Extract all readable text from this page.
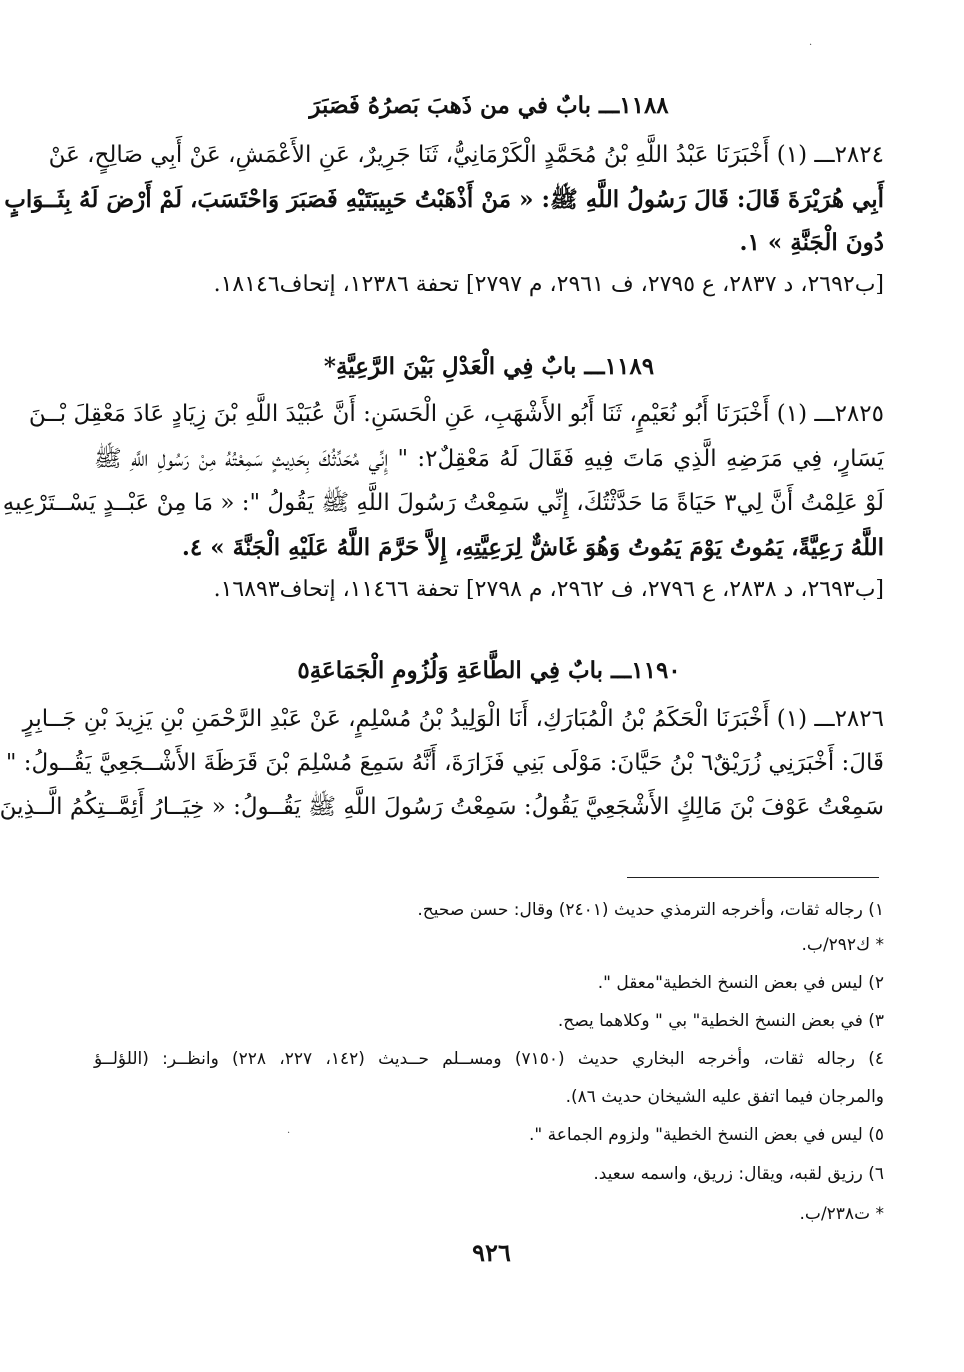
١١٨٨ـــ بابٌ في من ذَهبَ بَصرُهُ فَصَبَرَ
٢٨٢٤ـــ (١) أَخْبَرَنَا عَبْدُ اللَّهِ بْنُ مُحَمَّدٍ الْكَرْمَانِيُّ، ثَنَا جَرِيرٌ، عَنِ الأَعْمَشِ، عَنْ أَبِي صَالِحٍ، عَنْ
أَبِي هُرَيْرَةَ قَالَ: قَالَ رَسُولُ اللَّهِ ﷺ: « مَنْ أَذْهَبْتُ حَبِيبَتَيْهِ فَصَبَرَ وَاحْتَسَبَ، لَمْ أَرْضَ لَهُ بِثَــوَابٍ
دُونَ الْجَنَّةِ » ١.
[ب٢٦٩٢، د ٢٨٣٧، ع ٢٧٩٥، ف ٢٩٦١، م ٢٧٩٧] تحفة ١٢٣٨٦، إتحاف١٨١٤٦.
١١٨٩ـــ بابٌ فِي الْعَدْلِ بَيْنَ الرَّعِيَّةِ*
٢٨٢٥ـــ (١) أَخْبَرَنَا أَبُو نُعَيْمٍ، ثَنَا أَبُو الأَشْهَبِ، عَنِ الْحَسَنِ: أَنَّ عُبَيْدَ اللَّهِ بْنَ زِيَادٍ عَادَ مَعْقِلَ بْــنَ
يَسَارٍ، فِي مَرَضِهِ الَّذِي مَاتَ فِيهِ فَقَالَ لَهُ مَعْقِلٌ٢: " إِنِّي مُحَدِّثُكَ بِحَدِيثٍ سَمِعْتُهُ مِنْ رَسُولِ اللَّهِ ﷺ
لَوْ عَلِمْتُ أَنَّ لِي٣ حَيَاةً مَا حَدَّثْتُكَ، إِنِّي سَمِعْتُ رَسُولَ اللَّهِ ﷺ يَقُولُ ": « مَا مِنْ عَبْــدٍ يَسْــتَرْعِيهِ
اللَّهُ رَعِيَّةً، يَمُوتُ يَوْمَ يَمُوتُ وَهُوَ غَاشٌّ لِرَعِيَّتِهِ، إِلاَّ حَرَّمَ اللَّهُ عَلَيْهِ الْجَنَّةَ » ٤.
[ب٢٦٩٣، د ٢٨٣٨، ع ٢٧٩٦، ف ٢٩٦٢، م ٢٧٩٨] تحفة ١١٤٦٦، إتحاف١٦٨٩٣.
١١٩٠ـــ بابٌ فِي الطَّاعَةِ وَلُزُومِ الْجَمَاعَةِ٥
٢٨٢٦ـــ (١) أَخْبَرَنَا الْحَكَمُ بْنُ الْمُبَارَكِ، أَنَا الْوَلِيدُ بْنُ مُسْلِمٍ، عَنْ عَبْدِ الرَّحْمَنِ بْنِ يَزِيدَ بْنِ جَــابِرٍ
قَالَ: أَخْبَرَنِي زُرَيْقٌ٦ بْنُ حَيَّانَ: مَوْلَى بَنِي فَزَارَةَ، أَنَّهُ سَمِعَ مُسْلِمَ بْنَ قَرَظَةَ الأَشْــجَعِيَّ يَقُــولُ: "
سَمِعْتُ عَوْفَ بْنَ مَالِكٍ الأَشْجَعِيَّ يَقُولُ: سَمِعْتُ رَسُولَ اللَّهِ ﷺ يَقُــولُ: « خِيَــارُ أَئِمَّــتِكُمُ الَّــذِينَ
١) رجاله ثقات، وأخرجه الترمذي حديث (٢٤٠١) وقال: حسن صحيح.
* ك٢٩٢/ب.
٢) ليس في بعض النسخ الخطية"معقل ".
٣) في بعض النسخ الخطية" بي " وكلاهما يصح.
٤) رجاله ثقات، وأخرجه البخاري حديث (٧١٥٠) ومســلم حــديث (١٤٢، ٢٢٧، ٢٢٨) وانظــر: (اللؤلــؤ
والمرجان فيما اتفق عليه الشيخان حديث ٨٦).
٥) ليس في بعض النسخ الخطية" ولزوم الجماعة ".
٦) رزيق لقبه، ويقال: زريق، واسمه سعيد.
* ت٢٣٨/ب.
٩٢٦
·
·
